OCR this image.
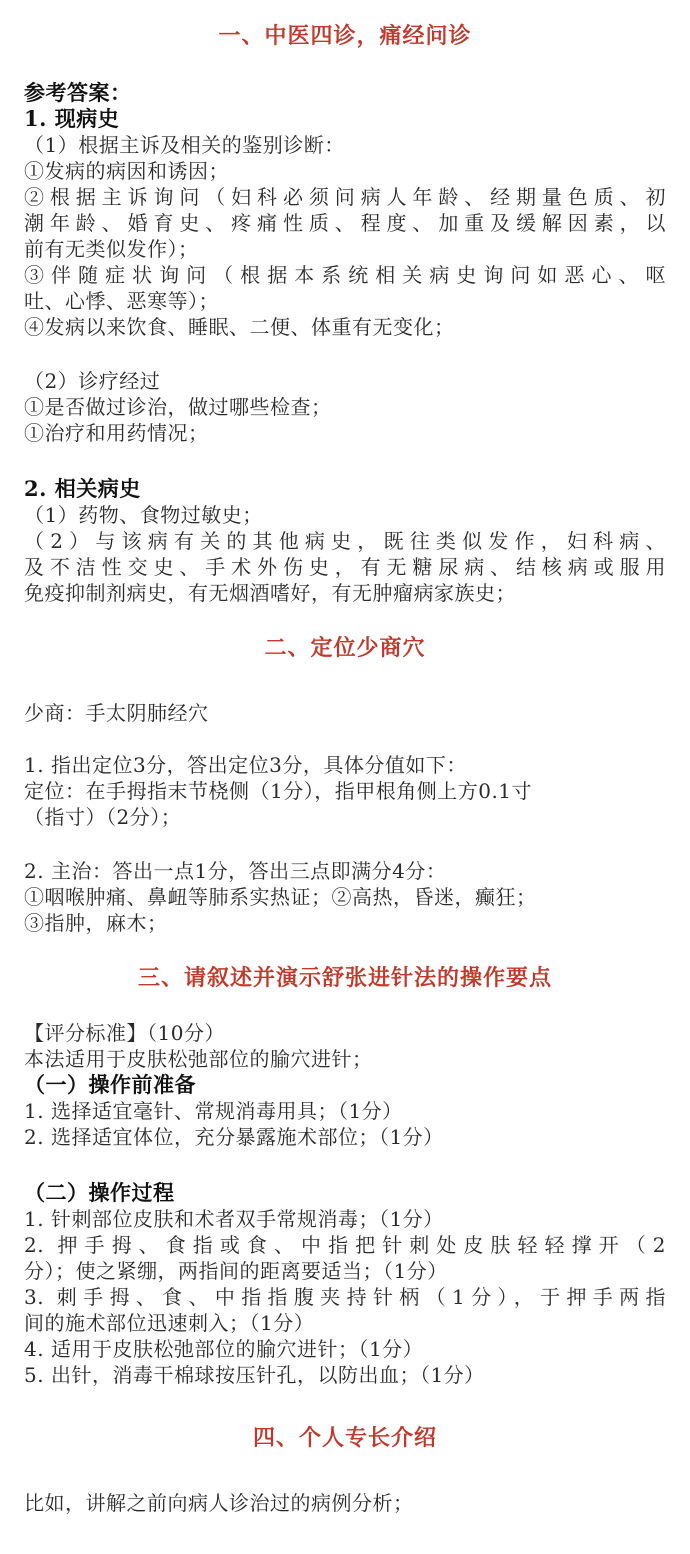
一、中医四诊，痛经问诊
参考答案：
1. 现病史
（1）根据主诉及相关的鉴别诊断：
①发病的病因和诱因；
②根据主诉询问（妇科必须问病人年龄、经期量色质、初
潮年龄、婚育史、疼痛性质、程度、加重及缓解因素，以
前有无类似发作）；
③伴随症状询问（根据本系统相关病史询问如恶心、呕
吐、心悸、恶寒等）；
④发病以来饮食、睡眠、二便、体重有无变化；
（2）诊疗经过
①是否做过诊治，做过哪些检查；
①治疗和用药情况；
2. 相关病史
（1）药物、食物过敏史；
（2）与该病有关的其他病史，既往类似发作，妇科病、
及不洁性交史、手术外伤史，有无糖尿病、结核病或服用
免疫抑制剂病史，有无烟酒嗜好，有无肿瘤病家族史；
二、定位少商穴
少商：手太阴肺经穴
1. 指出定位3分，答出定位3分，具体分值如下：
定位：在手拇指末节桡侧（1分），指甲根角侧上方0.1寸
（指寸）（2分）；
2. 主治：答出一点1分，答出三点即满分4分：
①咽喉肿痛、鼻衄等肺系实热证；②高热，昏迷，癫狂；
③指肿，麻木；
三、请叙述并演示舒张进针法的操作要点
【评分标准】（10分）
本法适用于皮肤松弛部位的腧穴进针；
（一）操作前准备
1. 选择适宜毫针、常规消毒用具；（1分）
2. 选择适宜体位，充分暴露施术部位；（1分）
（二）操作过程
1. 针刺部位皮肤和术者双手常规消毒；（1分）
2. 押手拇、食指或食、中指把针刺处皮肤轻轻撑开（2
分）；使之紧绷，两指间的距离要适当；（1分）
3. 刺手拇、食、中指指腹夹持针柄（1分），于押手两指
间的施术部位迅速刺入；（1分）
4. 适用于皮肤松弛部位的腧穴进针；（1分）
5. 出针，消毒干棉球按压针孔，以防出血；（1分）
四、个人专长介绍
比如，讲解之前向病人诊治过的病例分析；
